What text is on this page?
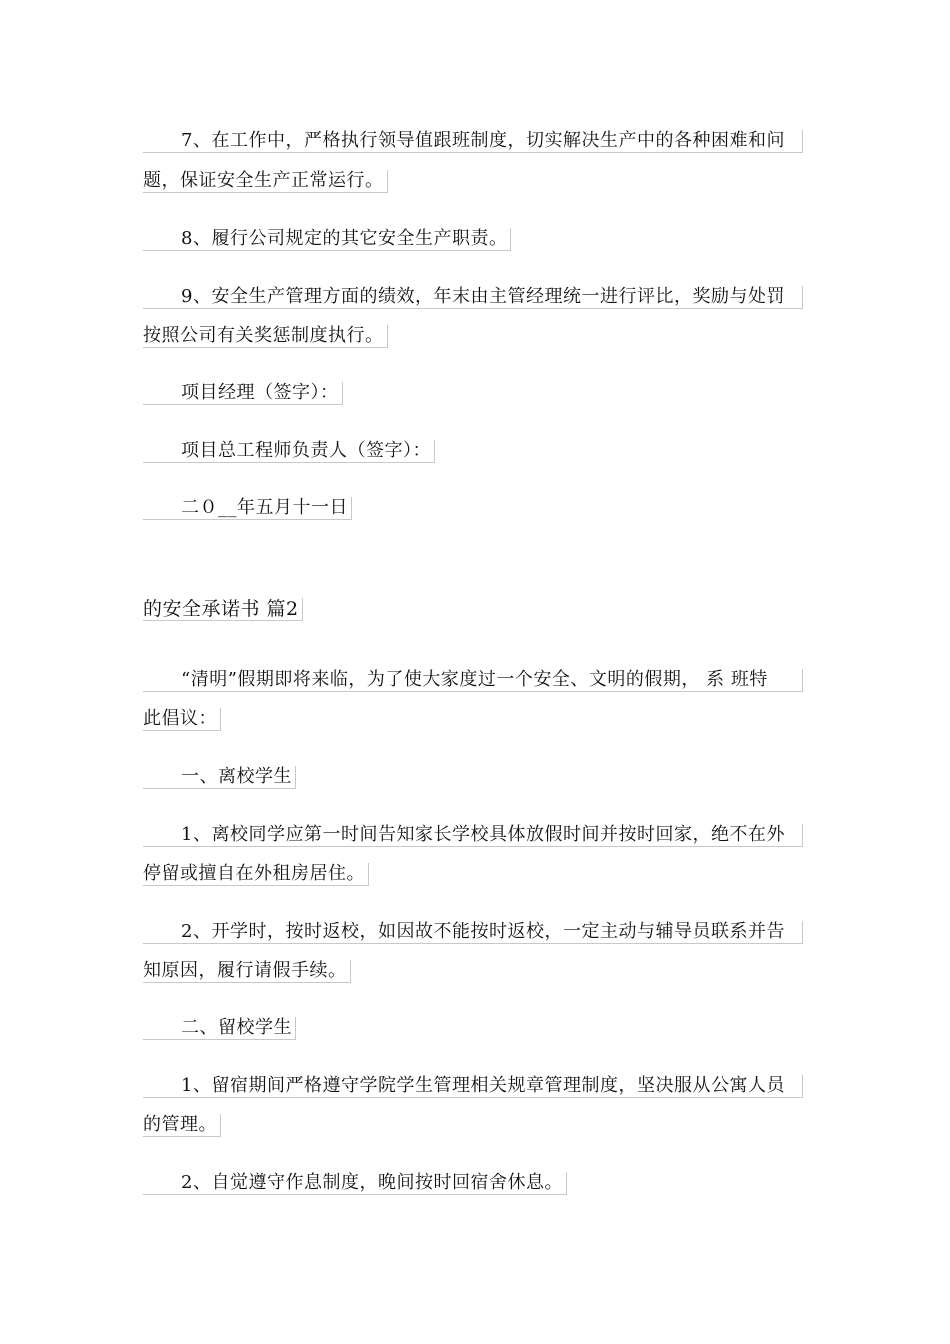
7、在工作中，严格执行领导值跟班制度，切实解决生产中的各种困难和问
题，保证安全生产正常运行。
8、履行公司规定的其它安全生产职责。
9、安全生产管理方面的绩效，年末由主管经理统一进行评比，奖励与处罚
按照公司有关奖惩制度执行。
项目经理（签字）：
项目总工程师负责人（签字）：
二０__年五月十一日
的安全承诺书 篇2
“清明”假期即将来临，为了使大家度过一个安全、文明的假期， 系 班特
此倡议：
一、离校学生
1、离校同学应第一时间告知家长学校具体放假时间并按时回家，绝不在外
停留或擅自在外租房居住。
2、开学时，按时返校，如因故不能按时返校，一定主动与辅导员联系并告
知原因，履行请假手续。
二、留校学生
1、留宿期间严格遵守学院学生管理相关规章管理制度，坚决服从公寓人员
的管理。
2、自觉遵守作息制度，晚间按时回宿舍休息。
